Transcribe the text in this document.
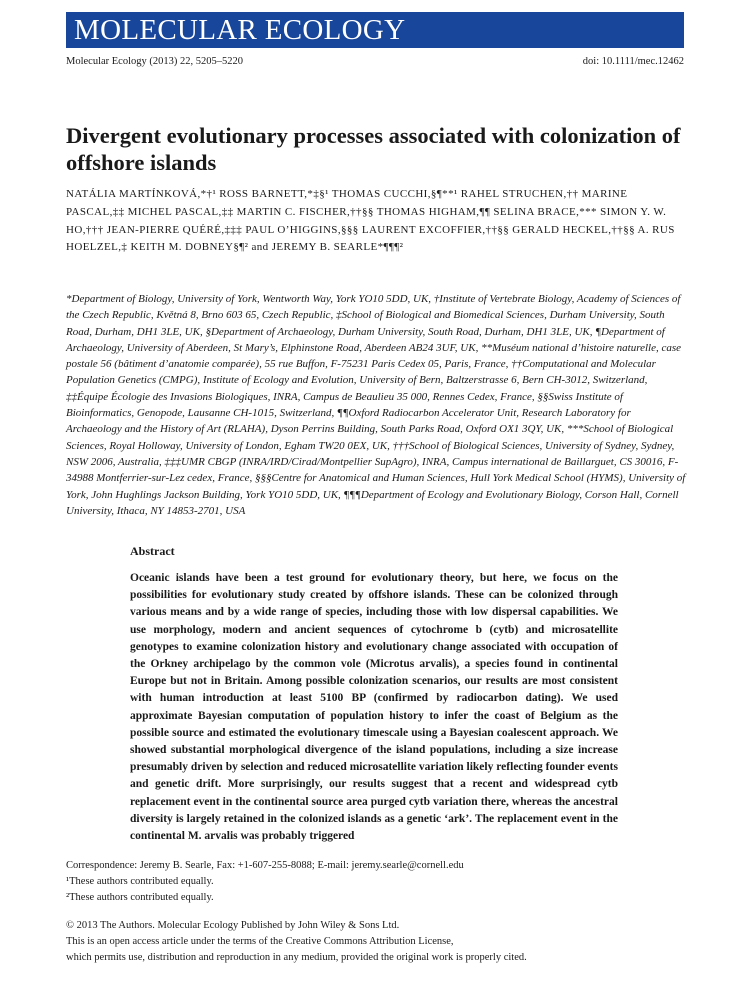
MOLECULAR ECOLOGY
Molecular Ecology (2013) 22, 5205–5220	doi: 10.1111/mec.12462
Divergent evolutionary processes associated with colonization of offshore islands
NATÁLIA MARTÍNKOVÁ,*†¹ ROSS BARNETT,*‡§¹ THOMAS CUCCHI,§¶**¹ RAHEL STRUCHEN,†† MARINE PASCAL,‡‡ MICHEL PASCAL,‡‡ MARTIN C. FISCHER,††§§ THOMAS HIGHAM,¶¶ SELINA BRACE,*** SIMON Y. W. HO,††† JEAN-PIERRE QUÉRÉ,‡‡‡ PAUL O’HIGGINS,§§§ LAURENT EXCOFFIER,††§§ GERALD HECKEL,††§§ A. RUS HOELZEL,‡ KEITH M. DOBNEY§¶² and JEREMY B. SEARLE*¶¶¶²
*Department of Biology, University of York, Wentworth Way, York YO10 5DD, UK, †Institute of Vertebrate Biology, Academy of Sciences of the Czech Republic, Květná 8, Brno 603 65, Czech Republic, ‡School of Biological and Biomedical Sciences, Durham University, South Road, Durham, DH1 3LE, UK, §Department of Archaeology, Durham University, South Road, Durham, DH1 3LE, UK, ¶Department of Archaeology, University of Aberdeen, St Mary’s, Elphinstone Road, Aberdeen AB24 3UF, UK, **Muséum national d’histoire naturelle, case postale 56 (bâtiment d’anatomie comparée), 55 rue Buffon, F-75231 Paris Cedex 05, Paris, France, ††Computational and Molecular Population Genetics (CMPG), Institute of Ecology and Evolution, University of Bern, Baltzerstrasse 6, Bern CH-3012, Switzerland, ‡‡Équipe Écologie des Invasions Biologiques, INRA, Campus de Beaulieu 35 000, Rennes Cedex, France, §§Swiss Institute of Bioinformatics, Genopode, Lausanne CH-1015, Switzerland, ¶¶Oxford Radiocarbon Accelerator Unit, Research Laboratory for Archaeology and the History of Art (RLAHA), Dyson Perrins Building, South Parks Road, Oxford OX1 3QY, UK, ***School of Biological Sciences, Royal Holloway, University of London, Egham TW20 0EX, UK, †††School of Biological Sciences, University of Sydney, Sydney, NSW 2006, Australia, ‡‡‡UMR CBGP (INRA/IRD/Cirad/Montpellier SupAgro), INRA, Campus international de Baillarguet, CS 30016, F-34988 Montferrier-sur-Lez cedex, France, §§§Centre for Anatomical and Human Sciences, Hull York Medical School (HYMS), University of York, John Hughlings Jackson Building, York YO10 5DD, UK, ¶¶¶Department of Ecology and Evolutionary Biology, Corson Hall, Cornell University, Ithaca, NY 14853-2701, USA
Abstract
Oceanic islands have been a test ground for evolutionary theory, but here, we focus on the possibilities for evolutionary study created by offshore islands. These can be colonized through various means and by a wide range of species, including those with low dispersal capabilities. We use morphology, modern and ancient sequences of cytochrome b (cytb) and microsatellite genotypes to examine colonization history and evolutionary change associated with occupation of the Orkney archipelago by the common vole (Microtus arvalis), a species found in continental Europe but not in Britain. Among possible colonization scenarios, our results are most consistent with human introduction at least 5100 BP (confirmed by radiocarbon dating). We used approximate Bayesian computation of population history to infer the coast of Belgium as the possible source and estimated the evolutionary timescale using a Bayesian coalescent approach. We showed substantial morphological divergence of the island populations, including a size increase presumably driven by selection and reduced microsatellite variation likely reflecting founder events and genetic drift. More surprisingly, our results suggest that a recent and widespread cytb replacement event in the continental source area purged cytb variation there, whereas the ancestral diversity is largely retained in the colonized islands as a genetic ‘ark’. The replacement event in the continental M. arvalis was probably triggered
Correspondence: Jeremy B. Searle, Fax: +1-607-255-8088; E-mail: jeremy.searle@cornell.edu
¹These authors contributed equally.
²These authors contributed equally.
© 2013 The Authors. Molecular Ecology Published by John Wiley & Sons Ltd.
This is an open access article under the terms of the Creative Commons Attribution License,
which permits use, distribution and reproduction in any medium, provided the original work is properly cited.
